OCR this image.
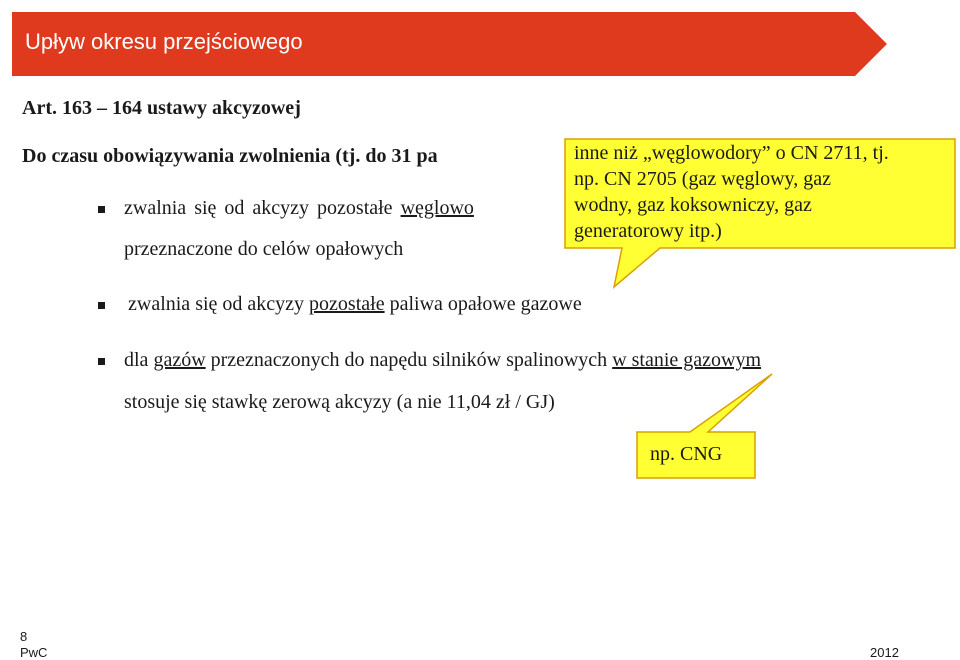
Upływ okresu przejściowego
Art. 163 – 164 ustawy akcyzowej
Do czasu obowiązywania zwolnienia (tj. do 31 pa
zwalnia się od akcyzy pozostałe węglowo
przeznaczone do celów opałowych
zwalnia się od akcyzy pozostałe paliwa opałowe gazowe
dla gazów przeznaczonych do napędu silników spalinowych w stanie gazowym
stosuje się stawkę zerową akcyzy (a nie 11,04 zł / GJ)
inne niż „węglowodory” o CN 2711, tj.
np. CN 2705 (gaz węglowy, gaz
wodny, gaz koksowniczy, gaz
generatorowy itp.)
np. CNG
8
PwC	2012
